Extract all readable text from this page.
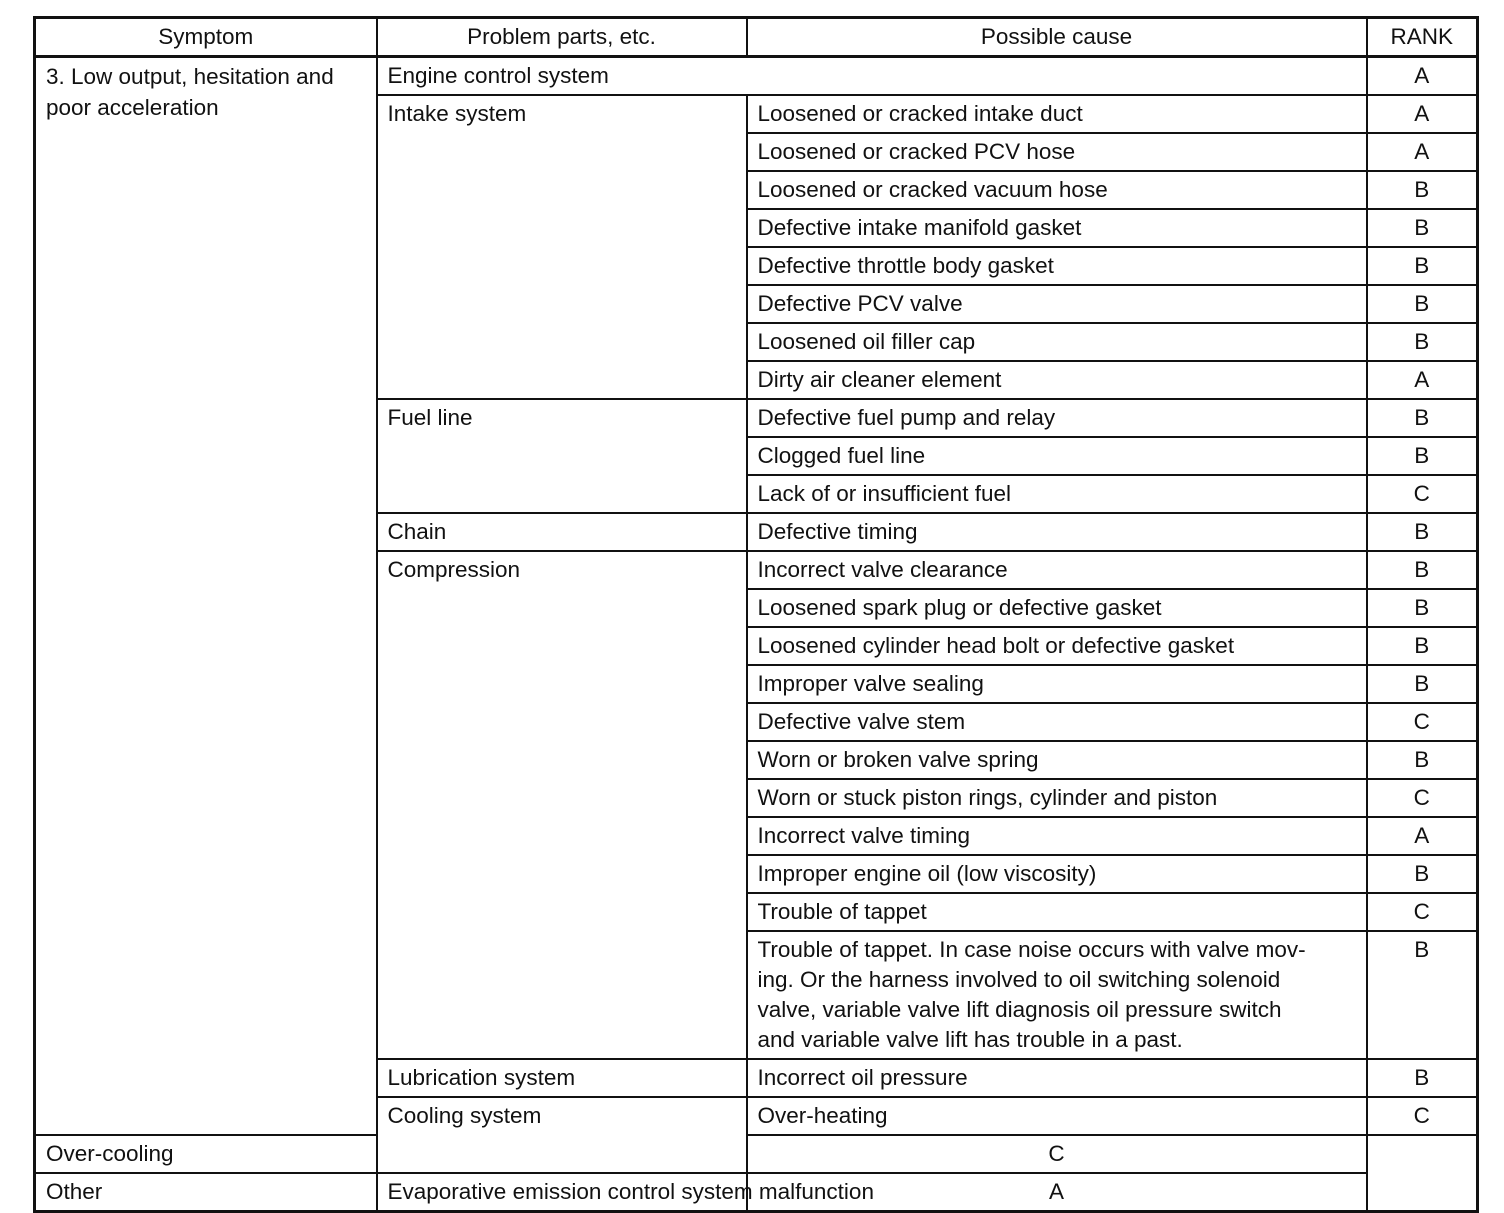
Symptom	Problem parts, etc.	Possible cause	RANK
3. Low output, hesitation and poor acceleration	Engine control system		A
	Intake system	Loosened or cracked intake duct	A
		Loosened or cracked PCV hose	A
		Loosened or cracked vacuum hose	B
		Defective intake manifold gasket	B
		Defective throttle body gasket	B
		Defective PCV valve	B
		Loosened oil filler cap	B
		Dirty air cleaner element	A
	Fuel line	Defective fuel pump and relay	B
		Clogged fuel line	B
		Lack of or insufficient fuel	C
	Chain	Defective timing	B
	Compression	Incorrect valve clearance	B
		Loosened spark plug or defective gasket	B
		Loosened cylinder head bolt or defective gasket	B
		Improper valve sealing	B
		Defective valve stem	C
		Worn or broken valve spring	B
		Worn or stuck piston rings, cylinder and piston	C
		Incorrect valve timing	A
		Improper engine oil (low viscosity)	B
		Trouble of tappet	C

		Trouble of tappet. In case noise occurs with valve mov-
ing. Or the harness involved to oil switching solenoid
valve, variable valve lift diagnosis oil pressure switch
and variable valve lift has trouble in a past.	B
	Lubrication system	Incorrect oil pressure	B
	Cooling system	Over-heating	C
Over-cooling		C	
Other	Evaporative emission control system malfunction	A	
